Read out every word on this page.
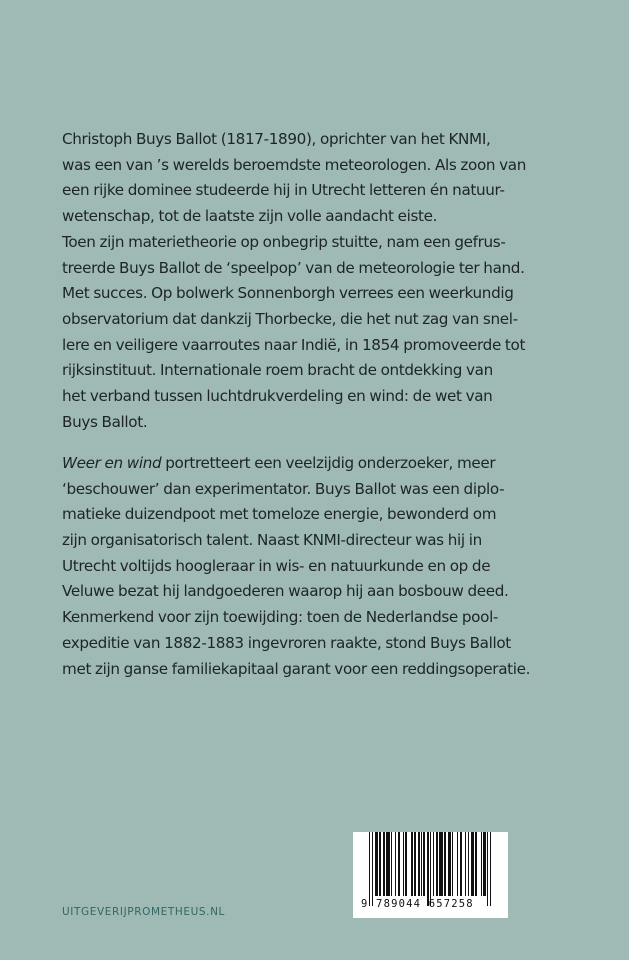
Christoph Buys Ballot (1817-1890), oprichter van het KNMI,
was een van ’s werelds beroemdste meteorologen. Als zoon van
een rijke dominee studeerde hij in Utrecht letteren én natuur-
wetenschap, tot de laatste zijn volle aandacht eiste.
Toen zijn materietheorie op onbegrip stuitte, nam een gefrus-
treerde Buys Ballot de ‘speelpop’ van de meteorologie ter hand.
Met succes. Op bolwerk Sonnenborgh verrees een weerkundig
observatorium dat dankzij Thorbecke, die het nut zag van snel-
lere en veiligere vaarroutes naar Indië, in 1854 promoveerde tot
rijksinstituut. Internationale roem bracht de ontdekking van
het verband tussen luchtdrukverdeling en wind: de wet van
Buys Ballot.

Weer en wind portretteert een veelzijdig onderzoeker, meer
‘beschouwer’ dan experimentator. Buys Ballot was een diplo-
matieke duizendpoot met tomeloze energie, bewonderd om
zijn organisatorisch talent. Naast KNMI-directeur was hij in
Utrecht voltijds hoogleraar in wis- en natuurkunde en op de
Veluwe bezat hij landgoederen waarop hij aan bosbouw deed.
Kenmerkend voor zijn toewijding: toen de Nederlandse pool-
expeditie van 1882-1883 ingevroren raakte, stond Buys Ballot
met zijn ganse familiekapitaal garant voor een reddingsoperatie.

UITGEVERIJPROMETHEUS.NL
9 789044 657258
